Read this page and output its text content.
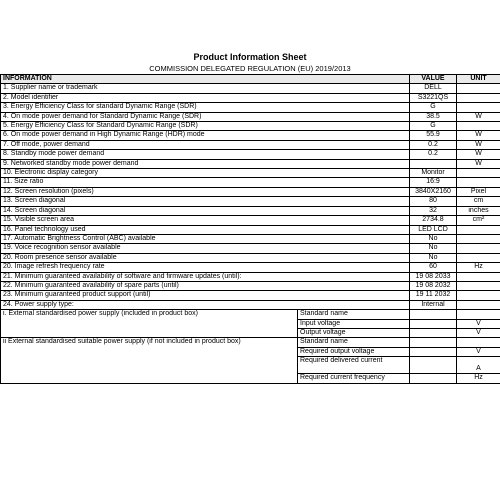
Product Information Sheet
COMMISSION DELEGATED REGULATION (EU) 2019/2013
INFORMATION		VALUE	UNIT
1. Supplier name or trademark		DELL	
2. Model identifier		S3221QS	
3. Energy Efficiency Class for standard Dynamic Range (SDR)		G	
4. On mode power demand for Standard Dynamic Range (SDR)		38.5	W
5. Energy Efficiency Class for Standard Dynamic Range (SDR)		G	
6. On mode power demand in High Dynamic Range (HDR) mode		55.9	W
7. Off mode, power demand		0.2	W
8. Standby mode power demand		0.2	W
9. Networked standby mode power demand			W
10. Electronic display category		Monitor	
11. Size ratio		16:9	
12. Screen resolution (pixels)		3840X2160	Pixel
13. Screen diagonal		80	cm
14. Screen diagonal		32	inches
15. Visible screen area		2734.8	cm²
16. Panel technology used		LED LCD	
17. Automatic Brightness Control (ABC) available		No	
19. Voice recognition sensor available		No	
20. Room presence sensor available		No	
20. Image refresh frequency rate		60	Hz
21. Minimum guaranteed availability of software and firmware updates (until):		19 08 2033	
22. Minimum guaranteed availability of spare parts (until)		19 08 2032	
23. Minimum guaranteed product support (until)		19 11 2032	
24. Power supply type:		Internal	
i. External standardised power supply (included in product box)	Standard name		
	Input voltage		V
	Output voltage		V
ii External standardised suitable power supply (if not included in product box)	Standard name		
	Required output voltage		V
	Required delivered current		A
	Required current frequency		Hz
